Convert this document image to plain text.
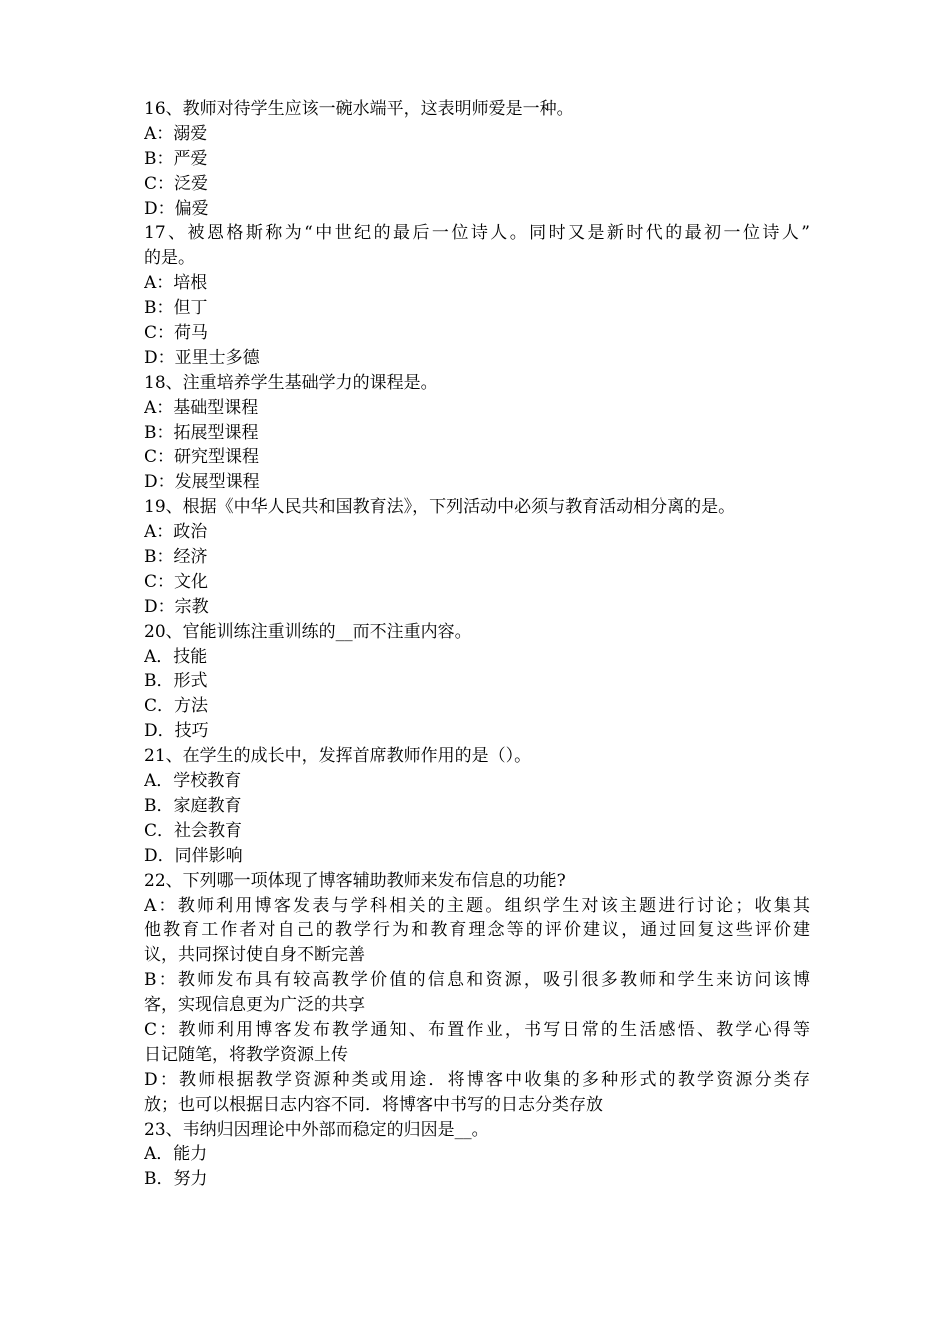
16、教师对待学生应该一碗水端平，这表明师爱是一种。
A：溺爱
B：严爱
C：泛爱
D：偏爱
17、被恩格斯称为“中世纪的最后一位诗人。同时又是新时代的最初一位诗人”
的是。
A：培根
B：但丁
C：荷马
D：亚里士多德
18、注重培养学生基础学力的课程是。
A：基础型课程
B：拓展型课程
C：研究型课程
D：发展型课程
19、根据《中华人民共和国教育法》，下列活动中必须与教育活动相分离的是。
A：政治
B：经济
C：文化
D：宗教
20、官能训练注重训练的__而不注重内容。
A．技能
B．形式
C．方法
D．技巧
21、在学生的成长中，发挥首席教师作用的是（）。
A．学校教育
B．家庭教育
C．社会教育
D．同伴影响
22、下列哪一项体现了博客辅助教师来发布信息的功能?
A：教师利用博客发表与学科相关的主题。组织学生对该主题进行讨论；收集其
他教育工作者对自己的教学行为和教育理念等的评价建议，通过回复这些评价建
议，共同探讨使自身不断完善
B：教师发布具有较高教学价值的信息和资源，吸引很多教师和学生来访问该博
客，实现信息更为广泛的共享
C：教师利用博客发布教学通知、布置作业，书写日常的生活感悟、教学心得等
日记随笔，将教学资源上传
D：教师根据教学资源种类或用途．将博客中收集的多种形式的教学资源分类存
放；也可以根据日志内容不同．将博客中书写的日志分类存放
23、韦纳归因理论中外部而稳定的归因是__。
A．能力
B．努力
